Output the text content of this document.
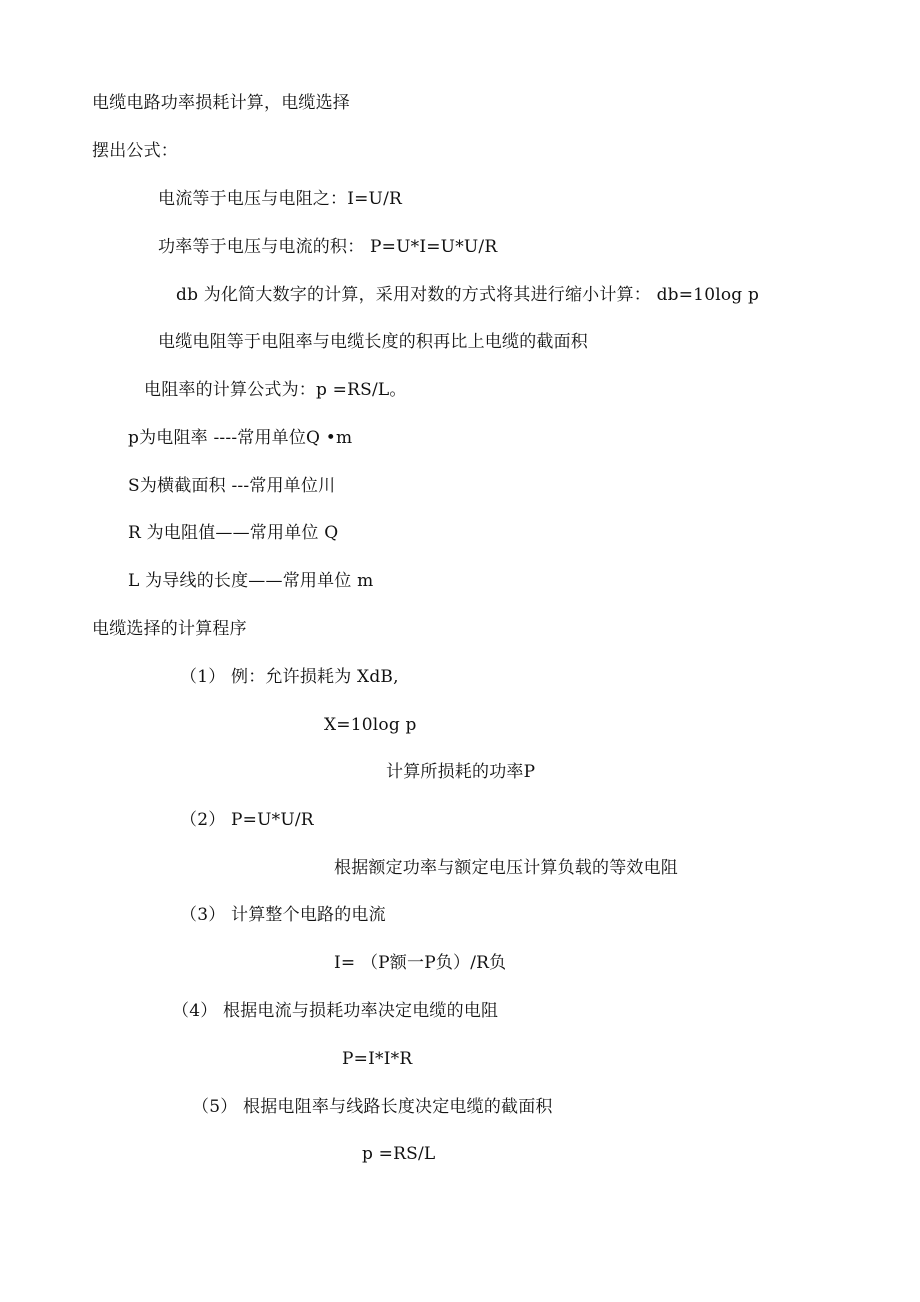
电缆电路功率损耗计算，电缆选择
摆出公式：
电流等于电压与电阻之：I=U/R
功率等于电压与电流的积： P=U*I=U*U/R
db 为化简大数字的计算，采用对数的方式将其进行缩小计算： db=10log p
电缆电阻等于电阻率与电缆长度的积再比上电缆的截面积
电阻率的计算公式为：p =RS/L。
p为电阻率 ----常用单位Q •m
S为横截面积 ---常用单位川
R 为电阻值——常用单位 Q
L 为导线的长度——常用单位 m
电缆选择的计算程序
（1） 例：允许损耗为 XdB,
X=10log p
计算所损耗的功率P
（2） P=U*U/R
根据额定功率与额定电压计算负载的等效电阻
（3） 计算整个电路的电流
I= （P额一P负）/R负
（4） 根据电流与损耗功率决定电缆的电阻
P=I*I*R
（5） 根据电阻率与线路长度决定电缆的截面积
p =RS/L
